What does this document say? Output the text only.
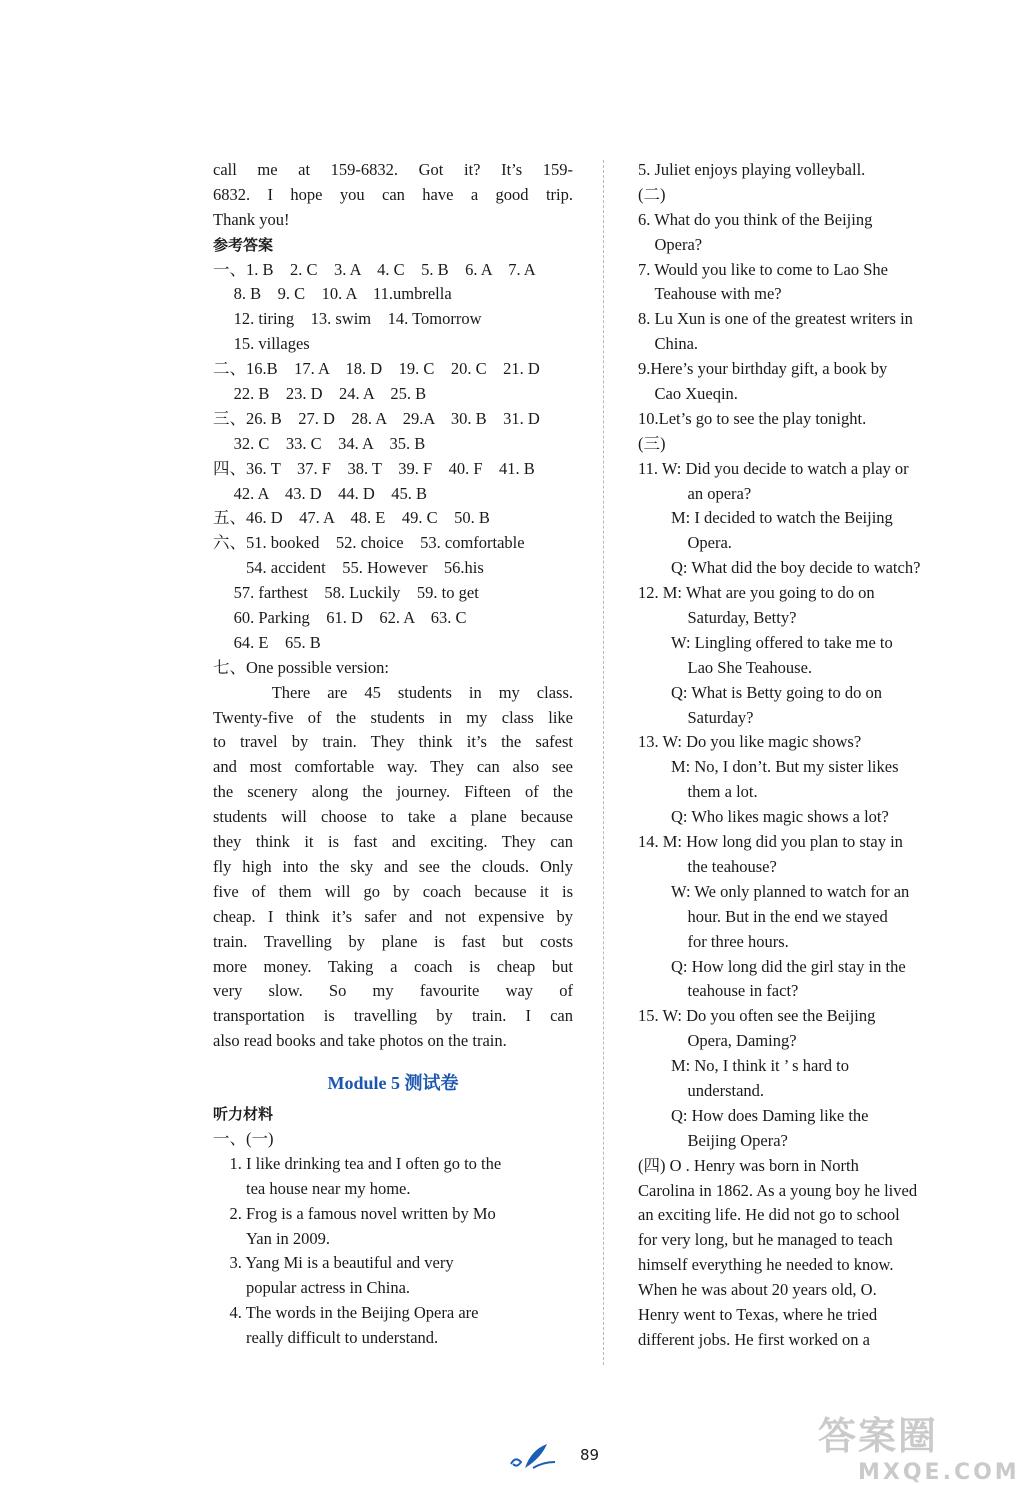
call me at 159-6832. Got it? It’s 159-
6832. I hope you can have a good trip.
Thank you!
参考答案
一、1. B　2. C　3. A　4. C　5. B　6. A　7. A
　 8. B　9. C　10. A　11.umbrella
　 12. tiring　13. swim　14. Tomorrow
　 15. villages
二、16.B　17. A　18. D　19. C　20. C　21. D
　 22. B　23. D　24. A　25. B
三、26. B　27. D　28. A　29.A　30. B　31. D
　 32. C　33. C　34. A　35. B
四、36. T　37. F　38. T　39. F　40. F　41. B
　 42. A　43. D　44. D　45. B
五、46. D　47. A　48. E　49. C　50. B
六、51. booked　52. choice　53. comfortable
　　54. accident　55. However　56.his
　 57. farthest　58. Luckily　59. to get
　 60. Parking　61. D　62. A　63. C
　 64. E　65. B
七、One possible version:
　　There are 45 students in my class.
Twenty-five of the students in my class like
to travel by train. They think it’s the safest
and most comfortable way. They can also see
the scenery along the journey. Fifteen of the
students will choose to take a plane because
they think it is fast and exciting. They can
fly high into the sky and see the clouds. Only
five of them will go by coach because it is
cheap. I think it’s safer and not expensive by
train. Travelling by plane is fast but costs
more money. Taking a coach is cheap but
very slow. So my favourite way of
transportation is travelling by train. I can
also read books and take photos on the train.
Module 5 测试卷
听力材料
一、(一)
　1. I like drinking tea and I often go to the
　　tea house near my home.
　2. Frog is a famous novel written by Mo
　　Yan in 2009.
　3. Yang Mi is a beautiful and very
　　popular actress in China.
　4. The words in the Beijing Opera are
　　really difficult to understand.
5. Juliet enjoys playing volleyball.
(二)
6. What do you think of the Beijing
　Opera?
7. Would you like to come to Lao She
　Teahouse with me?
8. Lu Xun is one of the greatest writers in
　China.
9.Here’s your birthday gift, a book by
　Cao Xueqin.
10.Let’s go to see the play tonight.
(三)
11. W: Did you decide to watch a play or
　　　an opera?
　　M: I decided to watch the Beijing
　　　Opera.
　　Q: What did the boy decide to watch?
12. M: What are you going to do on
　　　Saturday, Betty?
　　W: Lingling offered to take me to
　　　Lao She Teahouse.
　　Q: What is Betty going to do on
　　　Saturday?
13. W: Do you like magic shows?
　　M: No, I don’t. But my sister likes
　　　them a lot.
　　Q: Who likes magic shows a lot?
14. M: How long did you plan to stay in
　　　the teahouse?
　　W: We only planned to watch for an
　　　hour. But in the end we stayed
　　　for three hours.
　　Q: How long did the girl stay in the
　　　teahouse in fact?
15. W: Do you often see the Beijing
　　　Opera, Daming?
　　M: No, I think it ’ s hard to
　　　understand.
　　Q: How does Daming like the
　　　Beijing Opera?
(四) O . Henry was born in North
Carolina in 1862. As a young boy he lived
an exciting life. He did not go to school
for very long, but he managed to teach
himself everything he needed to know.
When he was about 20 years old, O.
Henry went to Texas, where he tried
different jobs. He first worked on a
89	答案圈
MXQE.COM
